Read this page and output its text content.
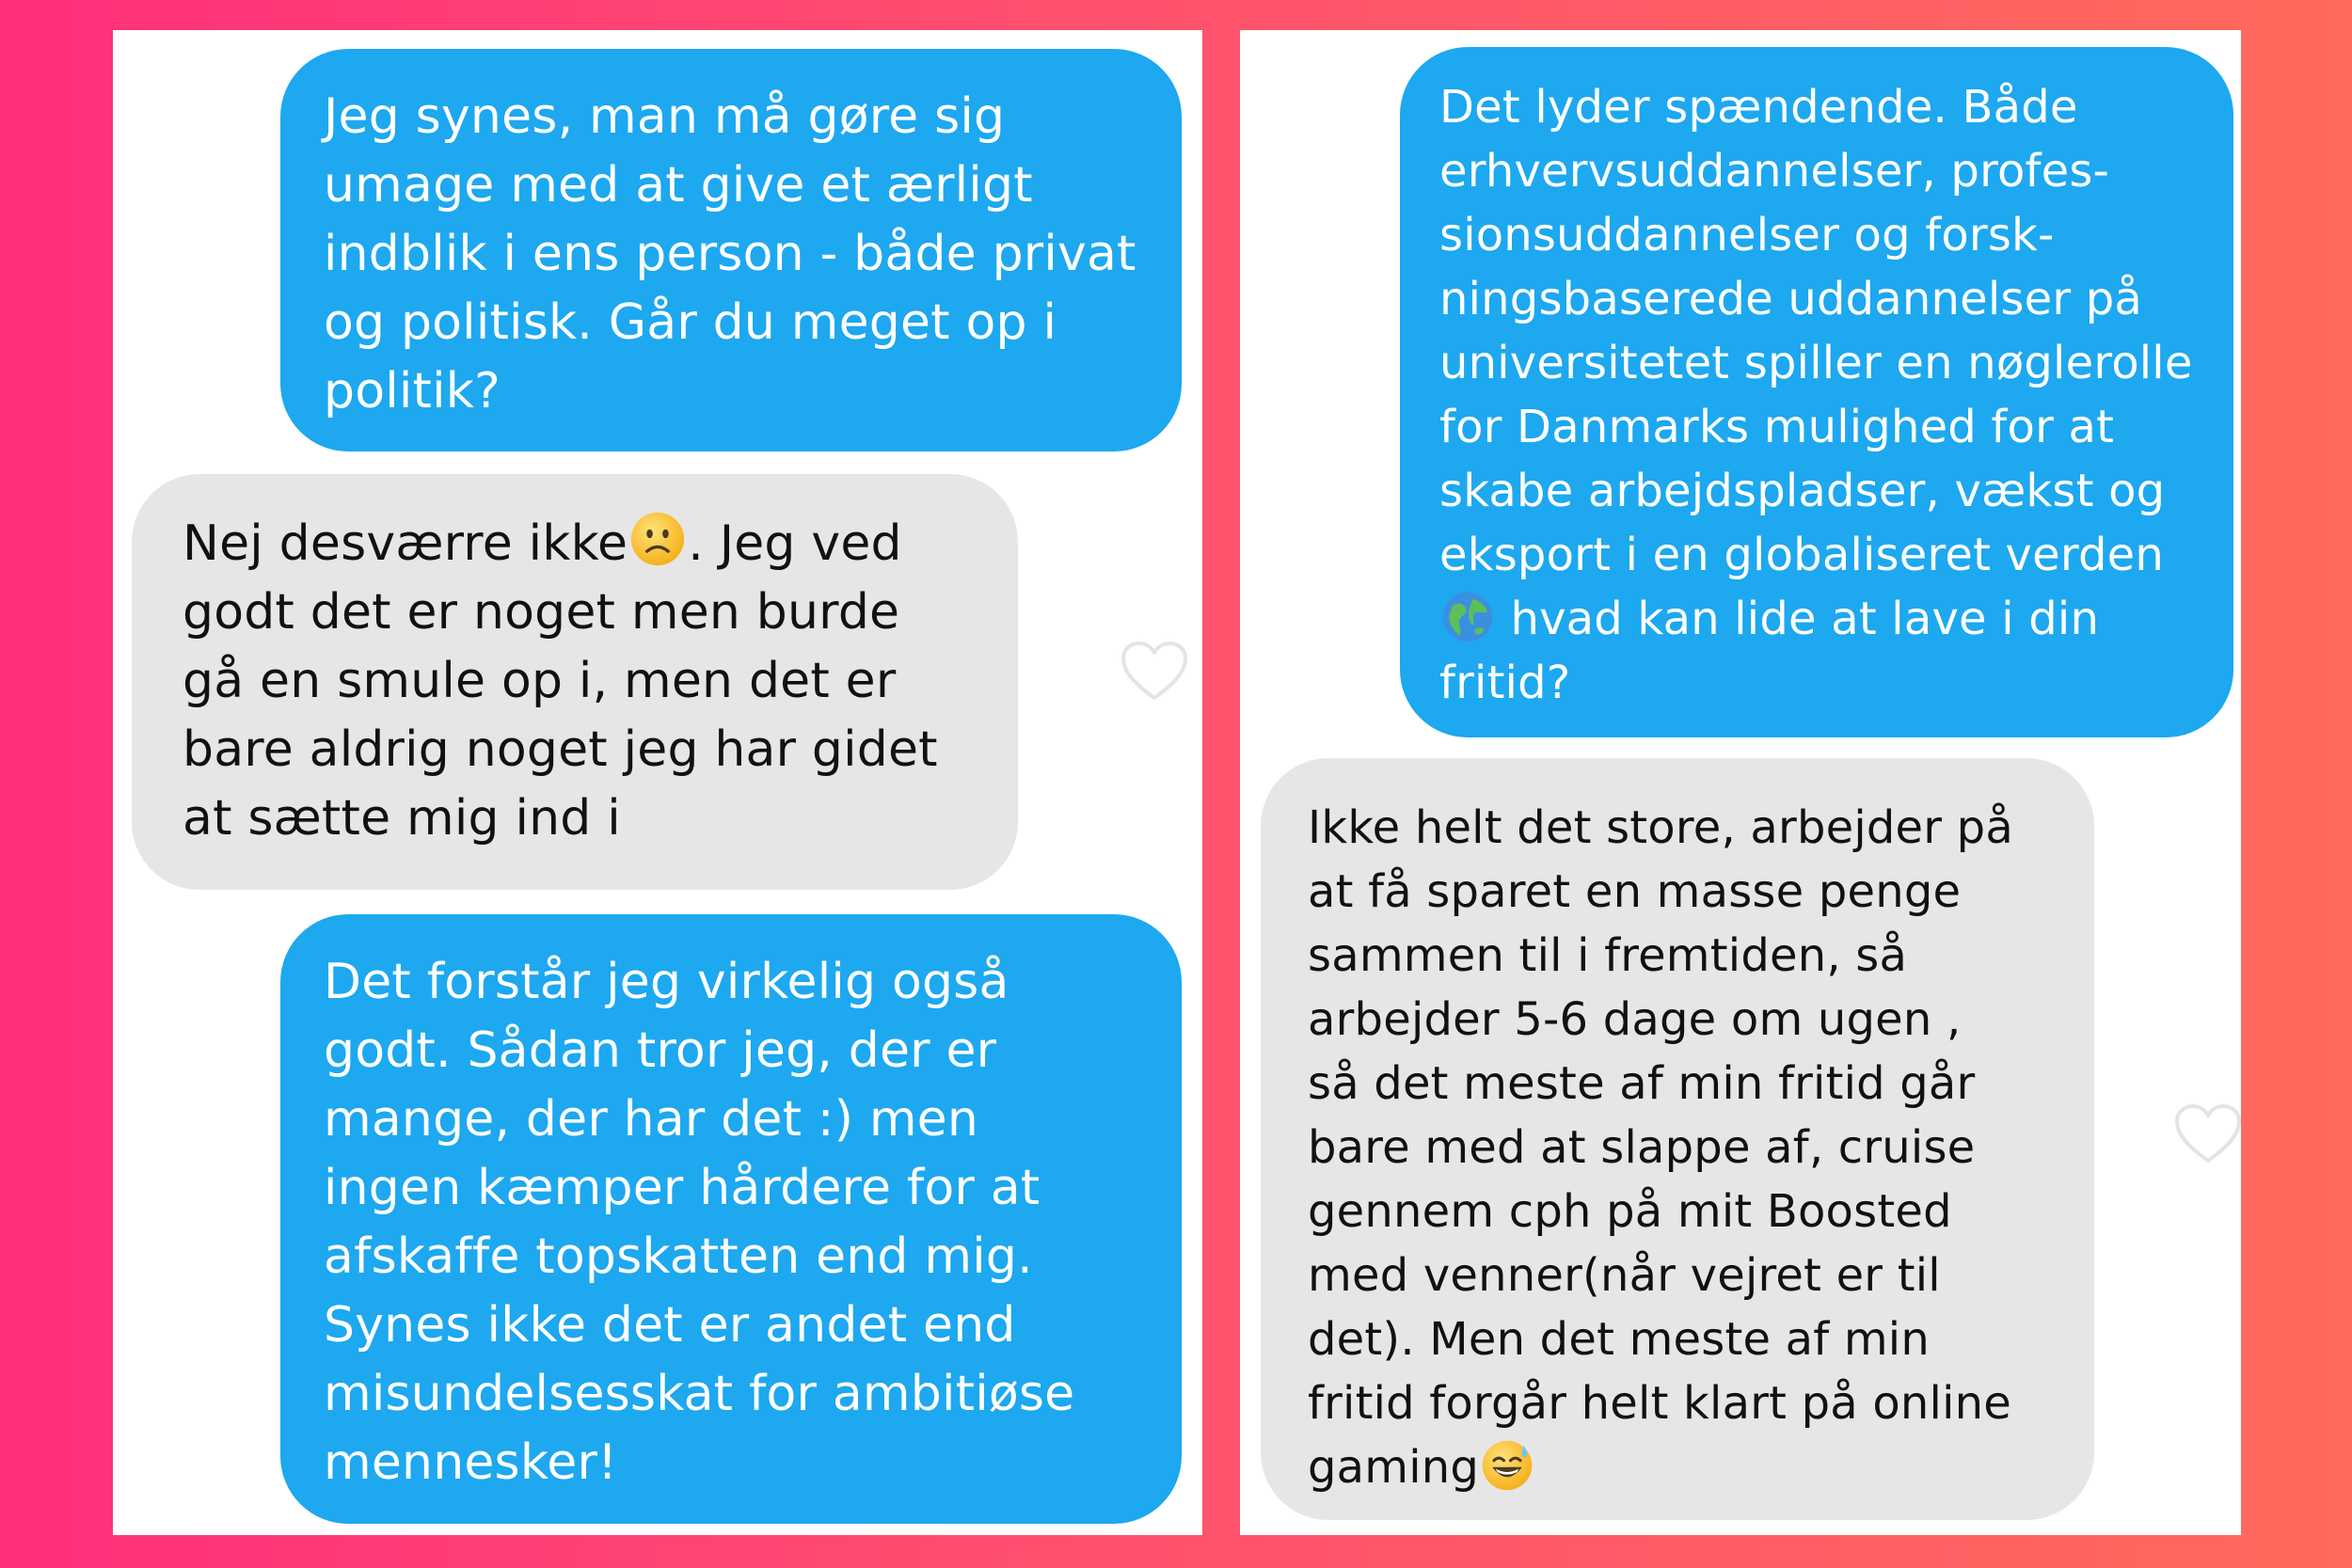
Jeg synes, man må gøre sig
umage med at give et ærligt
indblik i ens person - både privat
og politisk. Går du meget op i
politik?
Nej desværre ikke . Jeg ved
godt det er noget men burde
gå en smule op i, men det er
bare aldrig noget jeg har gidet
at sætte mig ind i
Det forstår jeg virkelig også
godt. Sådan tror jeg, der er
mange, der har det :) men
ingen kæmper hårdere for at
afskaffe topskatten end mig.
Synes ikke det er andet end
misundelsesskat for ambitiøse
mennesker!
Det lyder spændende. Både
erhvervsuddannelser, profes-
sionsuddannelser og forsk-
ningsbaserede uddannelser på
universitetet spiller en nøglerolle
for Danmarks mulighed for at
skabe arbejdspladser, vækst og
eksport i en globaliseret verden
hvad kan lide at lave i din
fritid?
Ikke helt det store, arbejder på
at få sparet en masse penge
sammen til i fremtiden, så
arbejder 5-6 dage om ugen ,
så det meste af min fritid går
bare med at slappe af, cruise
gennem cph på mit Boosted
med venner(når vejret er til
det). Men det meste af min
fritid forgår helt klart på online
gaming
